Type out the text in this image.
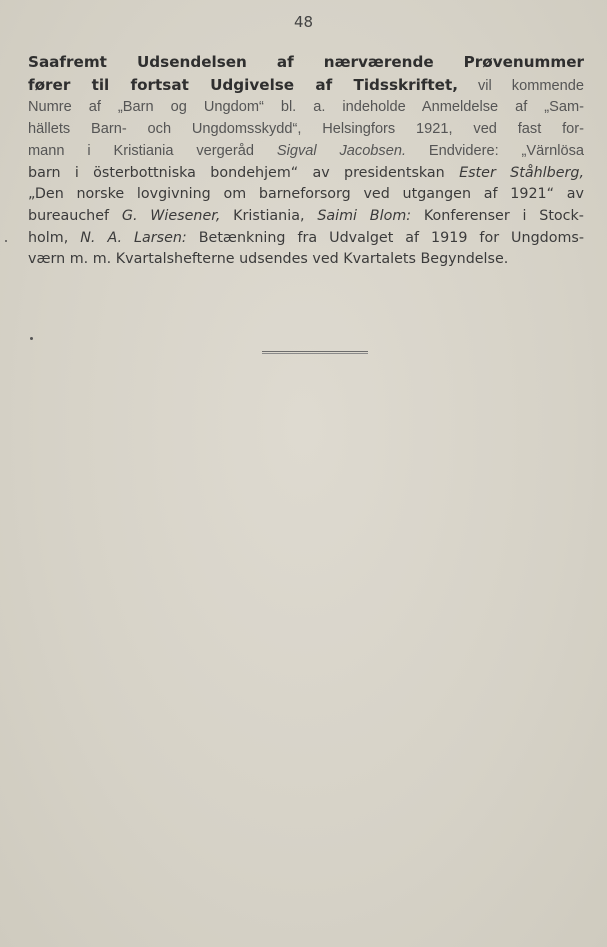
48
Saafremt Udsendelsen af nærværende Prøvenummer
fører til fortsat Udgivelse af Tidsskriftet, vil kommende
Numre af „Barn og Ungdom“ bl. a. indeholde Anmeldelse af „Sam-
hällets Barn- och Ungdomsskydd“, Helsingfors 1921, ved fast for-
mann i Kristiania vergeråd Sigval Jacobsen. Endvidere: „Värnlösa
barn i österbottniska bondehjem“ av presidentskan Ester Ståhlberg,
„Den norske lovgivning om barneforsorg ved utgangen af 1921“ av
bureauchef G. Wiesener, Kristiania, Saimi Blom: Konferenser i Stock-
holm, N. A. Larsen: Betænkning fra Udvalget af 1919 for Ungdoms-
værn m. m. Kvartalshefterne udsendes ved Kvartalets Begyndelse.
